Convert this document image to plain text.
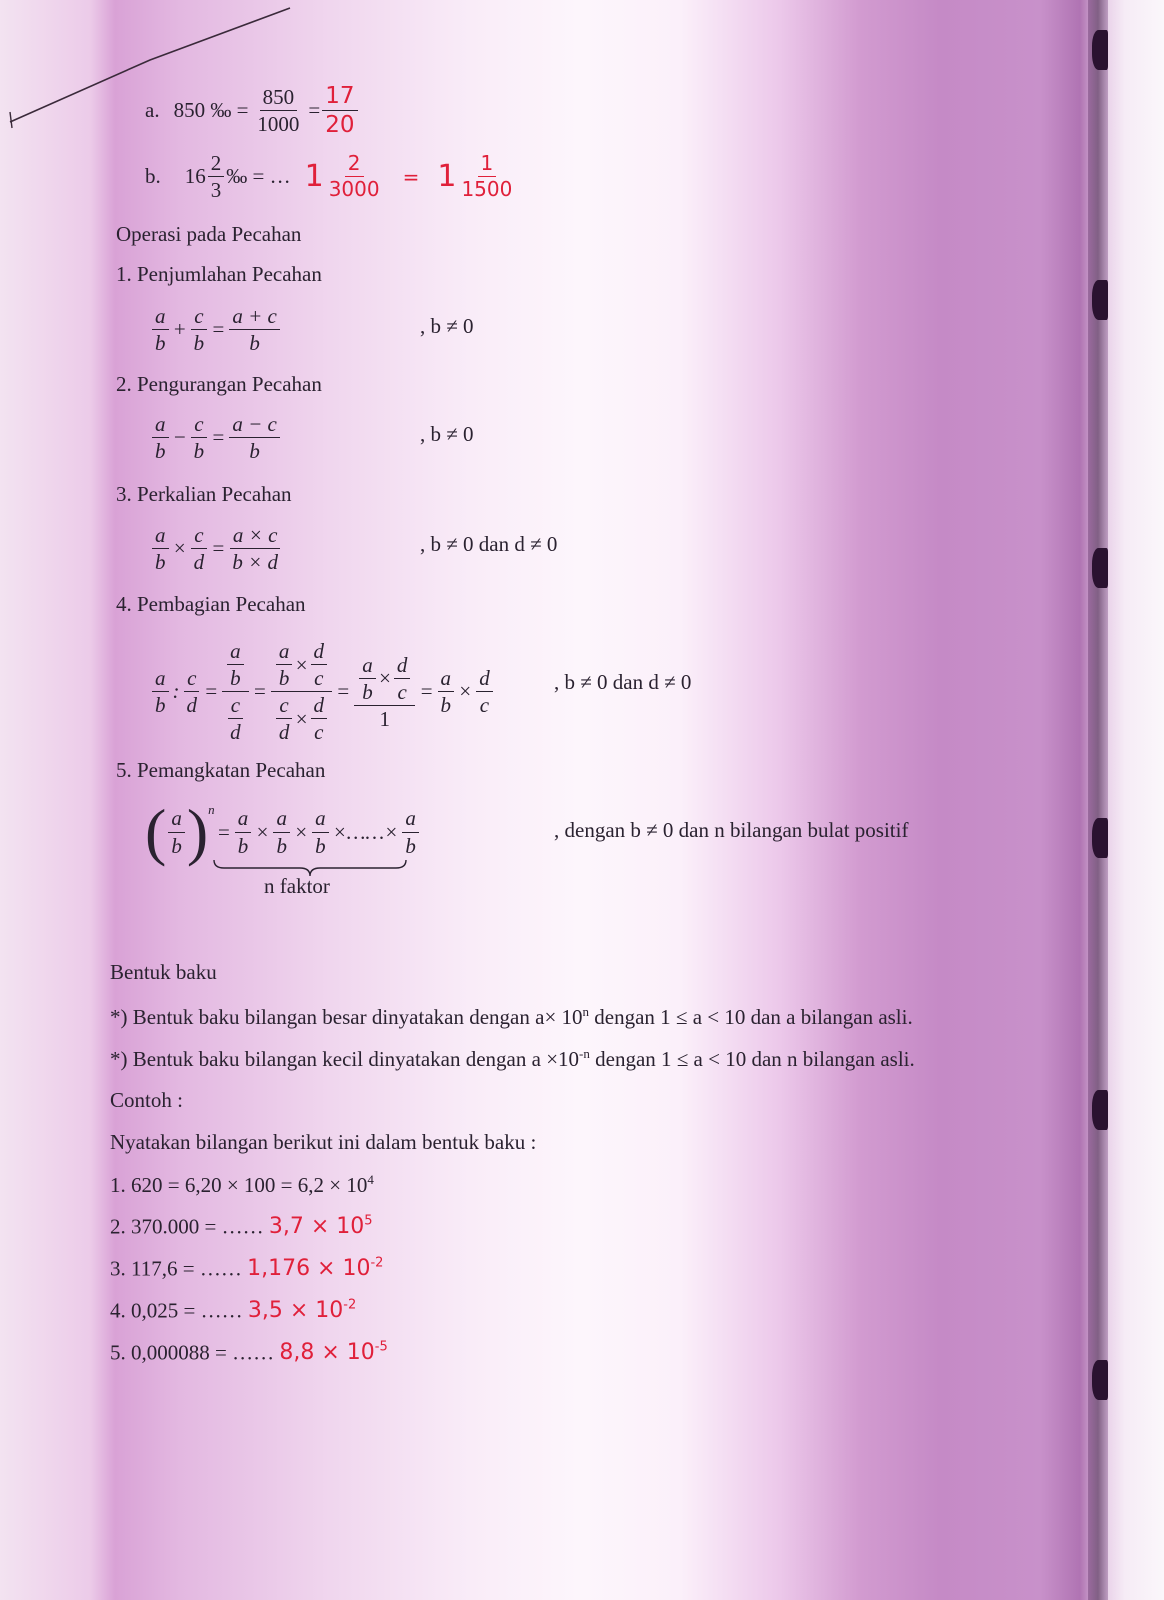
a. 850 ‰ = $\frac{850}{1000} = \frac{17}{20}$
b. $16 \frac{2}{3}$ ‰ = … $1 \frac{2}{3000} = 1 \frac{1}{1500}$
Operasi pada Pecahan
1. Penjumlahan Pecahan
$\frac{a}{b} + \frac{c}{b} = \frac{a + c}{b}$	, b ≠ 0
2. Pengurangan Pecahan
$\frac{a}{b} - \frac{c}{b} = \frac{a - c}{b}$	, b ≠ 0
3. Perkalian Pecahan
$\frac{a}{b} \times \frac{c}{d} = \frac{a \times c}{b \times d}$	, b ≠ 0 dan d ≠ 0
4. Pembagian Pecahan
$\frac{a}{b}$ : $\frac{c}{d} = \frac{\frac{a}{b}}{\frac{c}{d}} = \frac{\frac{a}{b} \times \frac{d}{c}}{\frac{c}{d} \times \frac{d}{c}} = \frac{\frac{a}{b} \times \frac{d}{c}}{1} = \frac{a}{b} \times \frac{d}{c}$	, b ≠ 0 dan d ≠ 0
5. Pemangkatan Pecahan
( $\frac{a}{b}$ ) n
= $\frac{a}{b} \times \frac{a}{b} \times \frac{a}{b}$ ×……× $\frac{a}{b}$
n faktor
, dengan b ≠ 0 dan n bilangan bulat positif
Bentuk baku
*) Bentuk baku bilangan besar dinyatakan dengan $a\times 10^n$ dengan 1 ≤ a < 10 dan a bilangan asli.
*) Bentuk baku bilangan kecil dinyatakan dengan $a \times 10^{-n}$ dengan 1 ≤ a < 10 dan n bilangan asli.
Contoh :
Nyatakan bilangan berikut ini dalam bentuk baku :
1. $620 = 6,20 \times 100 = 6,2 \times 10^4$
2. 370.000 = …… $3,7 \times 10^5$
3. 117,6 = …… $1,176 \times 10^{-2}$
4. 0,025 = …… $3,5 \times 10^{-2}$
5. 0,000088 = …… $8,8 \times 10^{-5}$
